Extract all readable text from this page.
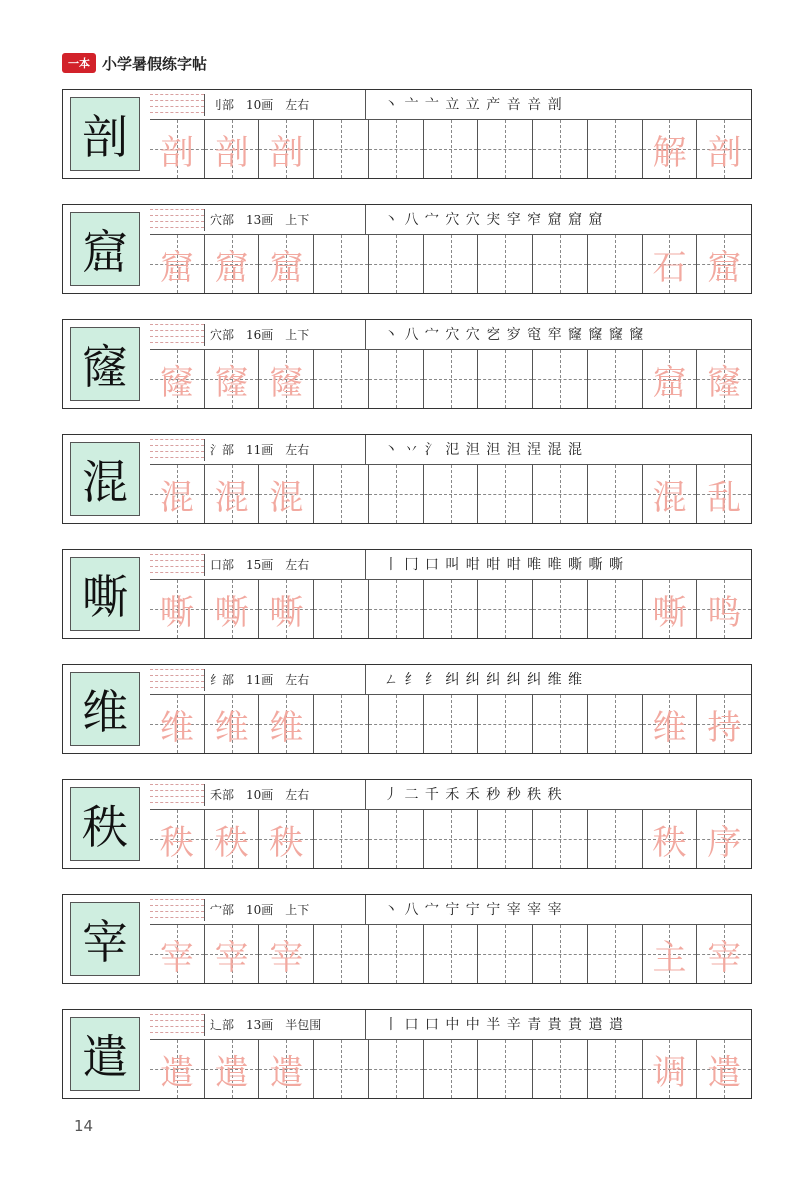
一本 小学暑假练字帖
剖
刂部 10画 左右	丶 亠 亠 立 立 产 咅 咅 剖
剖 剖 剖	解 剖
窟
穴部 13画 上下	丶 八 宀 穴 穴 宊 穻 窄 窟 窟 窟
窟 窟 窟	石 窟
窿
穴部 16画 上下	丶 八 宀 穴 穴 穵 穸 窀 窂 窿 窿 窿 窿
窿 窿 窿	窟 窿
混
氵部 11画 左右	丶 丷 氵 氾 泹 泹 泹 涅 混 混
混 混 混	混 乱
嘶
口部 15画 左右	丨 冂 口 叫 咁 咁 咁 唯 唯 嘶 嘶 嘶
嘶 嘶 嘶	嘶 鸣
维
纟部 11画 左右	ㄥ 纟 纟 纠 纠 纠 纠 纠 维 维
维 维 维	维 持
秩
禾部 10画 左右	丿 二 千 禾 禾 秒 秒 秩 秩
秩 秩 秩	秩 序
宰
宀部 10画 上下	丶 八 宀 宁 宁 宁 宰 宰 宰
宰 宰 宰	主 宰
遣
辶部 13画 半包围	丨 口 口 中 中 半 辛 青 貴 貴 遣 遣
遣 遣 遣	调 遣
14
